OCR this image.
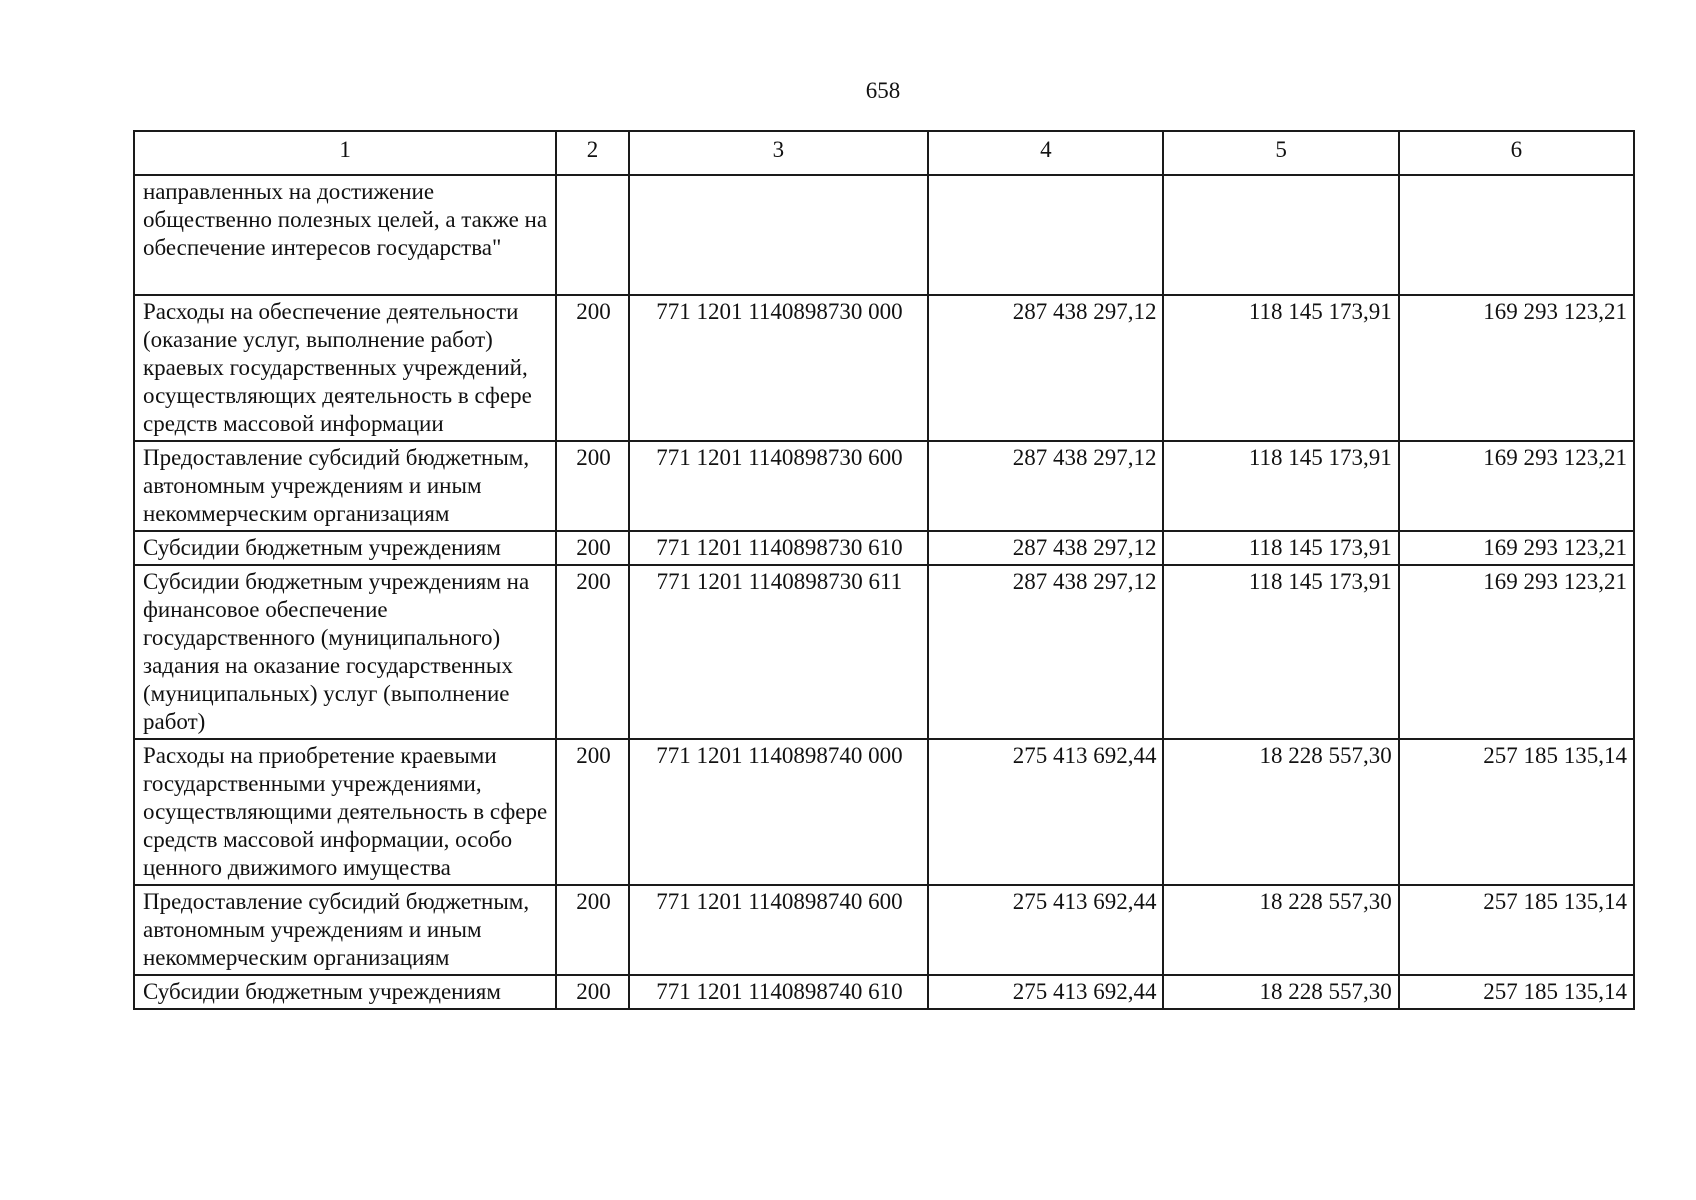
658
1	2	3	4	5	6
направленных на достижение общественно полезных целей, а также на обеспечение интересов государства"					
Расходы на обеспечение деятельности (оказание услуг, выполнение работ) краевых государственных учреждений, осуществляющих деятельность в сфере средств массовой информации	200	771 1201 1140898730 000	287 438 297,12	118 145 173,91	169 293 123,21
Предоставление субсидий бюджетным, автономным учреждениям и иным некоммерческим организациям	200	771 1201 1140898730 600	287 438 297,12	118 145 173,91	169 293 123,21
Субсидии бюджетным учреждениям	200	771 1201 1140898730 610	287 438 297,12	118 145 173,91	169 293 123,21
Субсидии бюджетным учреждениям на финансовое обеспечение государственного (муниципального) задания на оказание государственных (муниципальных) услуг (выполнение работ)	200	771 1201 1140898730 611	287 438 297,12	118 145 173,91	169 293 123,21
Расходы на приобретение краевыми государственными учреждениями, осуществляющими деятельность в сфере средств массовой информации, особо ценного движимого имущества	200	771 1201 1140898740 000	275 413 692,44	18 228 557,30	257 185 135,14
Предоставление субсидий бюджетным, автономным учреждениям и иным некоммерческим организациям	200	771 1201 1140898740 600	275 413 692,44	18 228 557,30	257 185 135,14
Субсидии бюджетным учреждениям	200	771 1201 1140898740 610	275 413 692,44	18 228 557,30	257 185 135,14
